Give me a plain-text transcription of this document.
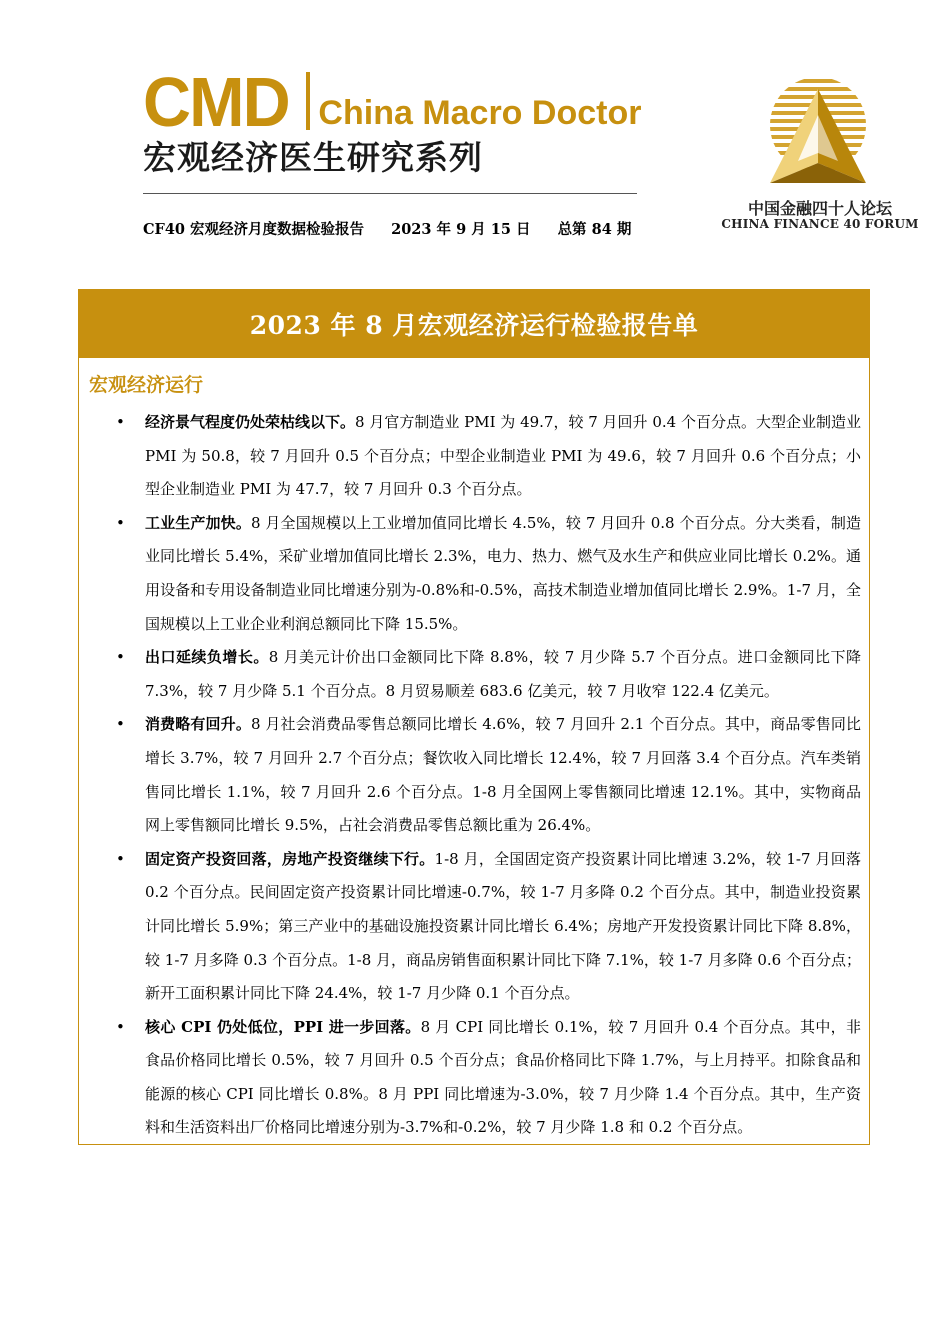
CMD China Macro Doctor
宏观经济医生研究系列
CF40 宏观经济月度数据检验报告 2023 年 9 月 15 日 总第 84 期
中国金融四十人论坛
CHINA FINANCE 40 FORUM
2023 年 8 月宏观经济运行检验报告单
宏观经济运行
• 经济景气程度仍处荣枯线以下。8 月官方制造业 PMI 为 49.7，较 7 月回升 0.4 个百分点。大型企业制造业 PMI 为 50.8，较 7 月回升 0.5 个百分点；中型企业制造业 PMI 为 49.6，较 7 月回升 0.6 个百分点；小型企业制造业 PMI 为 47.7，较 7 月回升 0.3 个百分点。
• 工业生产加快。8 月全国规模以上工业增加值同比增长 4.5%，较 7 月回升 0.8 个百分点。分大类看，制造业同比增长 5.4%，采矿业增加值同比增长 2.3%，电力、热力、燃气及水生产和供应业同比增长 0.2%。通用设备和专用设备制造业同比增速分别为-0.8%和-0.5%，高技术制造业增加值同比增长 2.9%。1-7 月，全国规模以上工业企业利润总额同比下降 15.5%。
• 出口延续负增长。8 月美元计价出口金额同比下降 8.8%，较 7 月少降 5.7 个百分点。进口金额同比下降 7.3%，较 7 月少降 5.1 个百分点。8 月贸易顺差 683.6 亿美元，较 7 月收窄 122.4 亿美元。
• 消费略有回升。8 月社会消费品零售总额同比增长 4.6%，较 7 月回升 2.1 个百分点。其中，商品零售同比增长 3.7%，较 7 月回升 2.7 个百分点；餐饮收入同比增长 12.4%，较 7 月回落 3.4 个百分点。汽车类销售同比增长 1.1%，较 7 月回升 2.6 个百分点。1-8 月全国网上零售额同比增速 12.1%。其中，实物商品网上零售额同比增长 9.5%，占社会消费品零售总额比重为 26.4%。
• 固定资产投资回落，房地产投资继续下行。1-8 月，全国固定资产投资累计同比增速 3.2%，较 1-7 月回落 0.2 个百分点。民间固定资产投资累计同比增速-0.7%，较 1-7 月多降 0.2 个百分点。其中，制造业投资累计同比增长 5.9%；第三产业中的基础设施投资累计同比增长 6.4%；房地产开发投资累计同比下降 8.8%，较 1-7 月多降 0.3 个百分点。1-8 月，商品房销售面积累计同比下降 7.1%，较 1-7 月多降 0.6 个百分点；新开工面积累计同比下降 24.4%，较 1-7 月少降 0.1 个百分点。
• 核心 CPI 仍处低位，PPI 进一步回落。8 月 CPI 同比增长 0.1%，较 7 月回升 0.4 个百分点。其中，非食品价格同比增长 0.5%，较 7 月回升 0.5 个百分点；食品价格同比下降 1.7%，与上月持平。扣除食品和能源的核心 CPI 同比增长 0.8%。8 月 PPI 同比增速为-3.0%，较 7 月少降 1.4 个百分点。其中，生产资料和生活资料出厂价格同比增速分别为-3.7%和-0.2%，较 7 月少降 1.8 和 0.2 个百分点。
